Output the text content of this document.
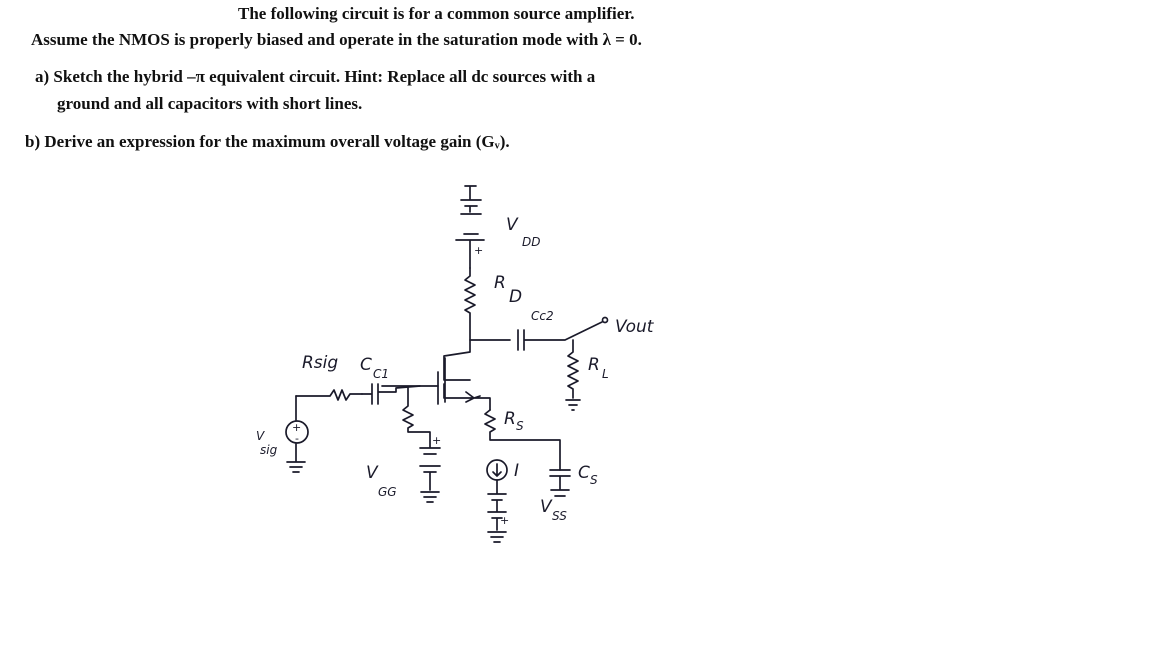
The following circuit is for a common source amplifier.
Assume the NMOS is properly biased and operate in the saturation mode with λ = 0.
a) Sketch the hybrid –π equivalent circuit. Hint: Replace all dc sources with a
ground and all capacitors with short lines.
b) Derive an expression for the maximum overall voltage gain (Gᵥ).
+
V
DD
R
D
Cc2
Vout
R L
Rsig C C1
+
-
V
sig
+
V
GG
R S
I
+
C S
V SS
